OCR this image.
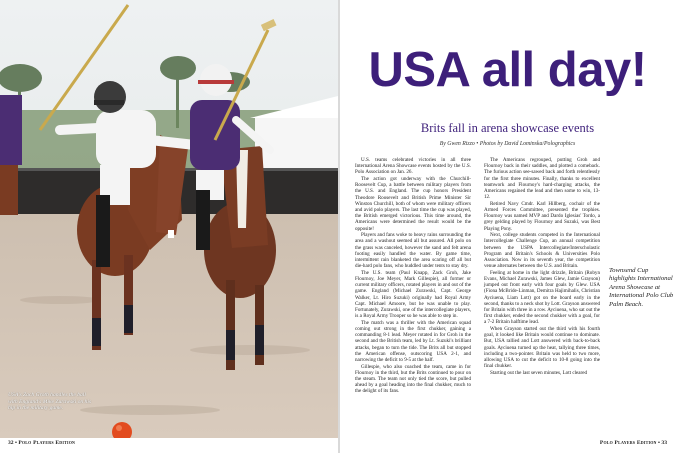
USA's Zach Groth handles the ball with England's Mike Zurawski on his hip in the military game.
32 • Polo Players Edition
USA all day!
Brits fall in arena showcase events
By Gwen Rizzo • Photos by David Lominska/Polographics

U.S. teams celebrated victories in all three International Arena Showcase events hosted by the U.S. Polo Association on Jan. 26.

The action got underway with the Churchill-Roosevelt Cup, a battle between military players from the U.S. and England. The cup honors President Theodore Roosevelt and British Prime Minister Sir Winston Churchill, both of whom were military officers and avid polo players. The last time the cup was played, the British emerged victorious. This time around, the Americans were determined the result would be the opposite!

Players and fans woke to heavy rains surrounding the area and a washout seemed all but assured. All polo on the grass was canceled, however the sand and felt arena footing easily handled the water. By game time, intermittent rain blanketed the area scaring off all but die-hard polo fans, who huddled under tents to stay dry.

The U.S. team (Paul Knapp, Zack Groh, Jake Flournoy, Joe Meyer, Mark Gillespie), all former or current military officers, rotated players in and out of the game. England (Michael Zurawski, Capt. George Walker, Lt. Hiro Suzuki) originally had Royal Army Capt. Michael Amoore, but he was unable to play. Fortunately, Zurawski, one of the intercollegiate players, is a Royal Army Trooper so he was able to step in.

The match was a thriller with the American squad coming out strong in the first chukker, gaining a commanding 8-1 lead. Meyer rotated in for Groh in the second and the British team, led by Lt. Suzuki's brilliant attacks, began to turn the tide. The Brits all but stopped the American offense, outscoring USA 2-1, and narrowing the deficit to 9-5 at the half.

Gillespie, who also coached the team, came in for Flournoy in the third, but the Brits continued to pour on the steam. The team not only tied the score, but pulled ahead by a goal heading into the final chukker, much to the delight of its fans.

The Americans regrouped, putting Groh and Flournoy back in their saddles, and plotted a comeback. The furious action see-sawed back and forth relentlessly for the first three minutes. Finally, thanks to excellent teamwork and Flournoy's hard-charging attacks, the Americans regained the lead and then some to win, 13-12.

Retired Navy Cmdr. Karl Hillberg, cochair of the Armed Forces Committee, presented the trophies. Flournoy was named MVP and Dardo Iglesias' Tordo, a grey gelding played by Flournoy and Suzuki, was Best Playing Pony.

Next, college students competed in the International Intercollegiate Challenge Cup, an annual competition between the USPA Intercollegiate/Interscholastic Program and Britain's Schools & Universities Polo Association. Now in its seventh year, the competition venue alternates between the U.S. and Britain.

Feeling at home in the light drizzle, Britain (Robyn Evans, Michael Zurawski, James Glew, Jamie Grayson) jumped out front early with four goals by Glew. USA (Fiona McBride-Linman, Demitra Hajimihalis, Christian Ayciuena, Liam Lott) got on the board early in the second, thanks to a neck shot by Lott. Grayson answered for Britain with three in a row. Ayciuena, who sat out the first chukker, ended the second chukker with a goal, for a 7-2 Britain halftime lead.

When Grayson started out the third with his fourth goal, it looked like Britain would continue to dominate. But, USA rallied and Lott answered with back-to-back goals. Ayciuena turned up the heat, tallying three times, including a two-pointer. Britain was held to two more, allowing USA to cut the deficit to 10-8 going into the final chukker.

Starting out the last seven minutes, Lott cleared

Townsend Cup highlights International Arena Showcase at International Polo Club Palm Beach.
Polo Players Edition • 33
